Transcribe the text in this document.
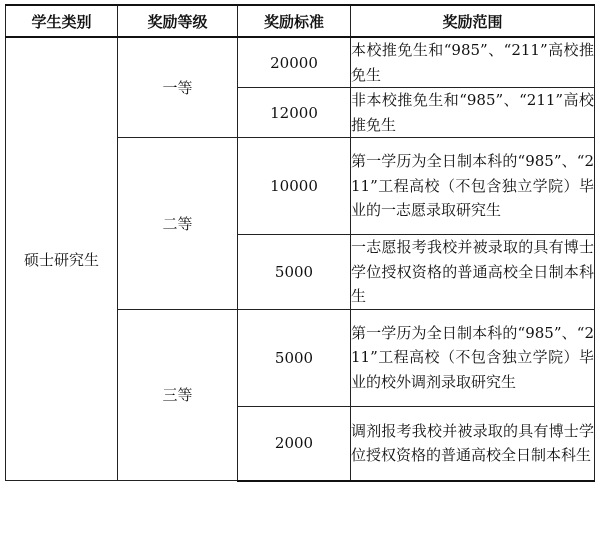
学生类别	奖励等级	奖励标准	奖励范围
硕士研究生	一等	20000	本校推免生和“985”、“211”高校推免生
		12000	非本校推免生和“985”、“211”高校推免生
	二等	10000	第一学历为全日制本科的“985”、“211”工程高校（不包含独立学院）毕业的一志愿录取研究生
		5000	一志愿报考我校并被录取的具有博士学位授权资格的普通高校全日制本科生
	三等	5000	第一学历为全日制本科的“985”、“211”工程高校（不包含独立学院）毕业的校外调剂录取研究生
		2000	调剂报考我校并被录取的具有博士学位授权资格的普通高校全日制本科生
